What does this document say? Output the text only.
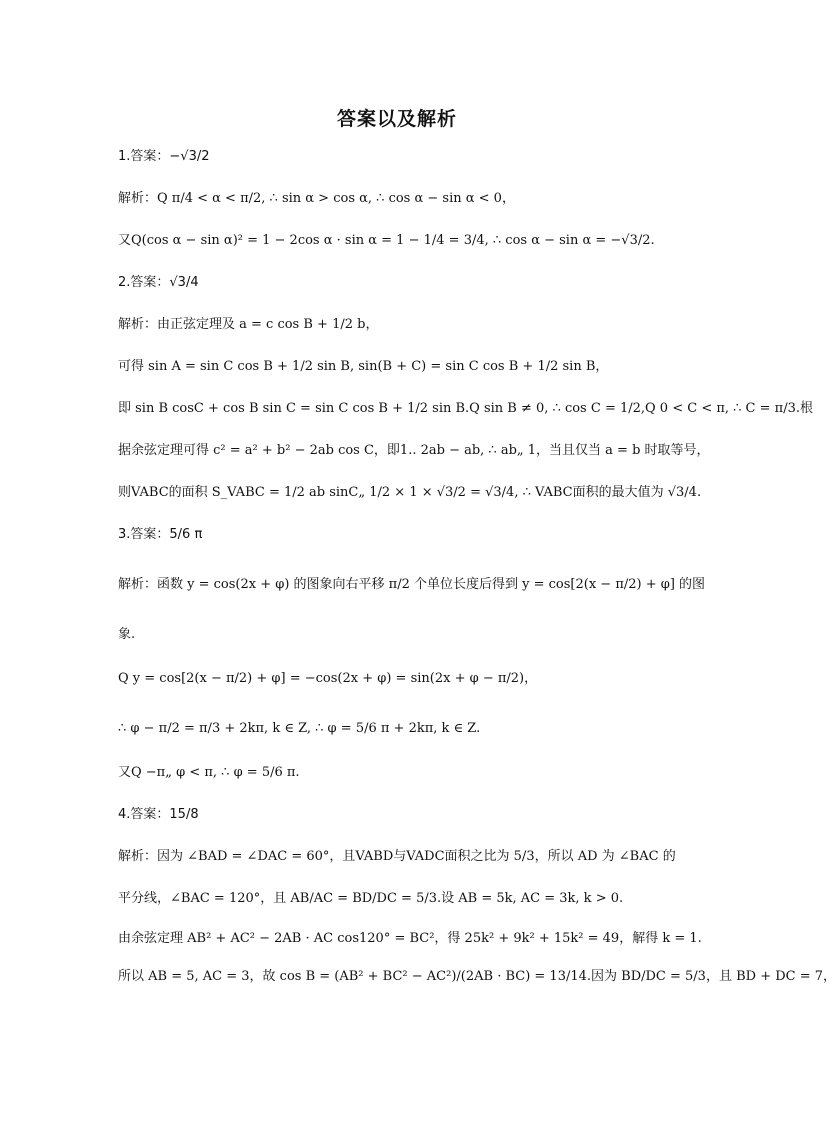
答案以及解析
1.答案：−√3/2
解析：Q π/4 < α < π/2, ∴ sin α > cos α, ∴ cos α − sin α < 0，
又Q(cos α − sin α)² = 1 − 2cos α · sin α = 1 − 1/4 = 3/4, ∴ cos α − sin α = −√3/2.
2.答案：√3/4
解析：由正弦定理及 a = c cos B + 1/2 b，
可得 sin A = sin C cos B + 1/2 sin B, sin(B + C) = sin C cos B + 1/2 sin B，
即 sin B cosC + cos B sin C = sin C cos B + 1/2 sin B.Q sin B ≠ 0, ∴ cos C = 1/2,Q 0 < C < π, ∴ C = π/3.根
据余弦定理可得 c² = a² + b² − 2ab cos C，即1.. 2ab − ab, ∴ ab„ 1，当且仅当 a = b 时取等号，
则VABC的面积 S_VABC = 1/2 ab sinC„ 1/2 × 1 × √3/2 = √3/4, ∴ VABC面积的最大值为 √3/4.
3.答案：5/6 π
解析：函数 y = cos(2x + φ) 的图象向右平移 π/2 个单位长度后得到 y = cos[2(x − π/2) + φ] 的图
象.
Q y = cos[2(x − π/2) + φ] = −cos(2x + φ) = sin(2x + φ − π/2)，
∴ φ − π/2 = π/3 + 2kπ, k ∈ Z, ∴ φ = 5/6 π + 2kπ, k ∈ Z.
又Q −π„ φ < π, ∴ φ = 5/6 π.
4.答案：15/8
解析：因为 ∠BAD = ∠DAC = 60°，且VABD与VADC面积之比为 5/3，所以 AD 为 ∠BAC 的
平分线，∠BAC = 120°，且 AB/AC = BD/DC = 5/3.设 AB = 5k, AC = 3k, k > 0.
由余弦定理 AB² + AC² − 2AB · AC cos120° = BC²，得 25k² + 9k² + 15k² = 49，解得 k = 1.
所以 AB = 5, AC = 3，故 cos B = (AB² + BC² − AC²)/(2AB · BC) = 13/14.因为 BD/DC = 5/3，且 BD + DC = 7，
